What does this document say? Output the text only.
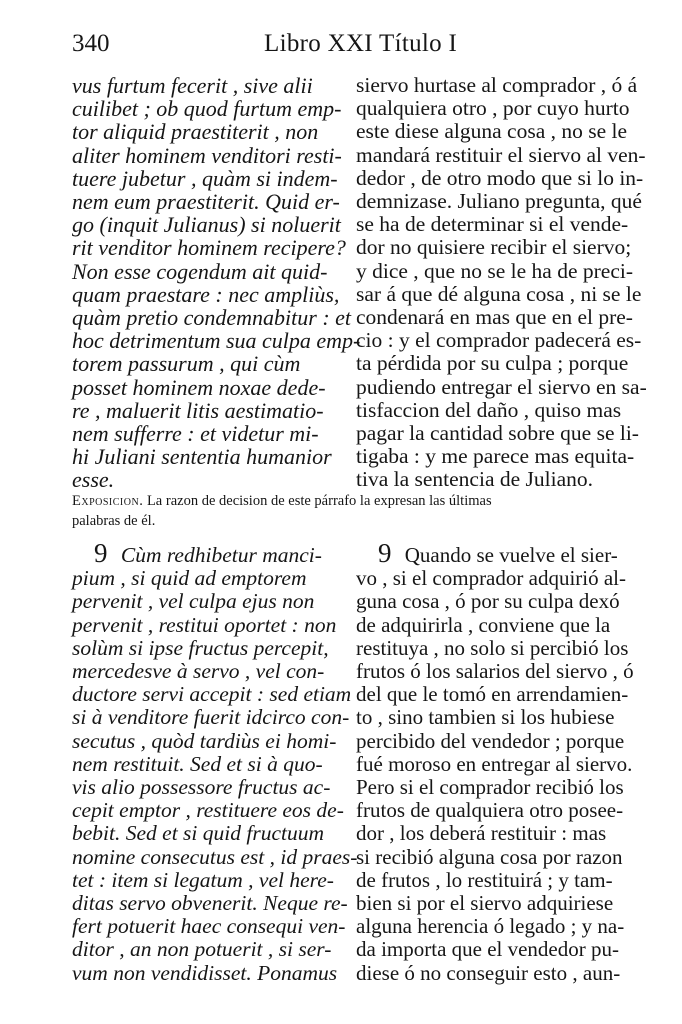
340	Libro XXI Título I
vus furtum fecerit , sive alii
cuilibet ; ob quod furtum emp-
tor aliquid praestiterit , non
aliter hominem venditori resti-
tuere jubetur , quàm si indem-
nem eum praestiterit. Quid er-
go (inquit Julianus) si noluerit
rit venditor hominem recipere?
Non esse cogendum ait quid-
quam praestare : nec ampliùs,
quàm pretio condemnabitur : et
hoc detrimentum sua culpa emp-
torem passurum , qui cùm
posset hominem noxae dede-
re , maluerit litis aestimatio-
nem sufferre : et videtur mi-
hi Juliani sententia humanior
esse.
siervo hurtase al comprador , ó á
qualquiera otro , por cuyo hurto
este diese alguna cosa , no se le
mandará restituir el siervo al ven-
dedor , de otro modo que si lo in-
demnizase. Juliano pregunta, qué
se ha de determinar si el vende-
dor no quisiere recibir el siervo;
y dice , que no se le ha de preci-
sar á que dé alguna cosa , ni se le
condenará en mas que en el pre-
cio : y el comprador padecerá es-
ta pérdida por su culpa ; porque
pudiendo entregar el siervo en sa-
tisfaccion del daño , quiso mas
pagar la cantidad sobre que se li-
tigaba : y me parece mas equita-
tiva la sentencia de Juliano.
Exposicion. La razon de decision de este párrafo la expresan las últimas
palabras de él.
9 Cùm redhibetur manci-
pium , si quid ad emptorem
pervenit , vel culpa ejus non
pervenit , restitui oportet : non
solùm si ipse fructus percepit,
mercedesve à servo , vel con-
ductore servi accepit : sed etiam
si à venditore fuerit idcirco con-
secutus , quòd tardiùs ei homi-
nem restituit. Sed et si à quo-
vis alio possessore fructus ac-
cepit emptor , restituere eos de-
bebit. Sed et si quid fructuum
nomine consecutus est , id praes-
tet : item si legatum , vel here-
ditas servo obvenerit. Neque re-
fert potuerit haec consequi ven-
ditor , an non potuerit , si ser-
vum non vendidisset. Ponamus
9 Quando se vuelve el sier-
vo , si el comprador adquirió al-
guna cosa , ó por su culpa dexó
de adquirirla , conviene que la
restituya , no solo si percibió los
frutos ó los salarios del siervo , ó
del que le tomó en arrendamien-
to , sino tambien si los hubiese
percibido del vendedor ; porque
fué moroso en entregar al siervo.
Pero si el comprador recibió los
frutos de qualquiera otro posee-
dor , los deberá restituir : mas
si recibió alguna cosa por razon
de frutos , lo restituirá ; y tam-
bien si por el siervo adquiriese
alguna herencia ó legado ; y na-
da importa que el vendedor pu-
diese ó no conseguir esto , aun-
